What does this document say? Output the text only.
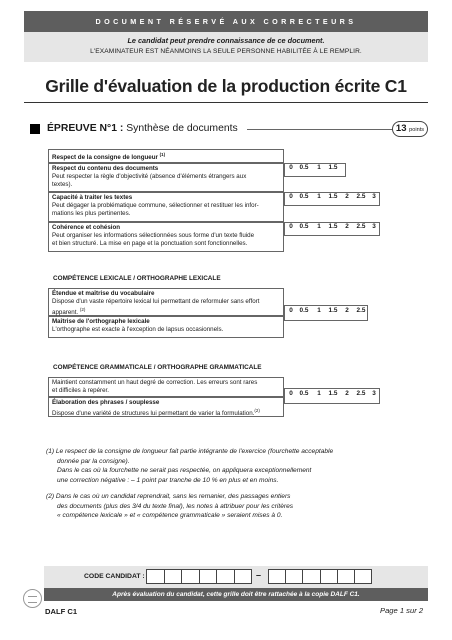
DOCUMENT RÉSERVÉ AUX CORRECTEURS
Le candidat peut prendre connaissance de ce document.
L'EXAMINATEUR EST NÉANMOINS LA SEULE PERSONNE HABILITÉE À LE REMPLIR.
Grille d'évaluation de la production écrite C1
ÉPREUVE N°1 : Synthèse de documents	13 points
Respect de la consigne de longueur $^{(1)}$
Respect du contenu des documents
Peut respecter la règle d'objectivité (absence d'éléments étrangers aux
textes).
0	0.5	1	1.5
Capacité à traiter les textes
Peut dégager la problématique commune, sélectionner et restituer les infor-
mations les plus pertinentes.
0	0.5	1	1.5	2	2.5	3
Cohérence et cohésion
Peut organiser les informations sélectionnées sous forme d'un texte fluide
et bien structuré. La mise en page et la ponctuation sont fonctionnelles.
0	0.5	1	1.5	2	2.5	3
COMPÉTENCE LEXICALE / ORTHOGRAPHE LEXICALE
Étendue et maîtrise du vocabulaire
Dispose d'un vaste répertoire lexical lui permettant de reformuler sans effort
apparent. $^{(2)}$
Maîtrise de l'orthographe lexicale
L'orthographe est exacte à l'exception de lapsus occasionnels.
0	0.5	1	1.5	2	2.5
COMPÉTENCE GRAMMATICALE / ORTHOGRAPHE GRAMMATICALE
Maintient constamment un haut degré de correction. Les erreurs sont rares
et difficiles à repérer.
Élaboration des phrases / souplesse
Dispose d'une variété de structures lui permettant de varier la formulation.$^{(2)}$
0	0.5	1	1.5	2	2.5	3
(1) Le respect de la consigne de longueur fait partie intégrante de l'exercice (fourchette acceptable
donnée par la consigne).
Dans le cas où la fourchette ne serait pas respectée, on appliquera exceptionnellement
une correction négative : – 1 point par tranche de 10 % en plus et en moins.
(2) Dans le cas où un candidat reprendrait, sans les remanier, des passages entiers
des documents (plus des 3/4 du texte final), les notes à attribuer pour les critères
« compétence lexicale » et « compétence grammaticale » seraient mises à 0.
CODE CANDIDAT :	–
Après évaluation du candidat, cette grille doit être rattachée à la copie DALF C1.
DALF C1	Page 1 sur 2
